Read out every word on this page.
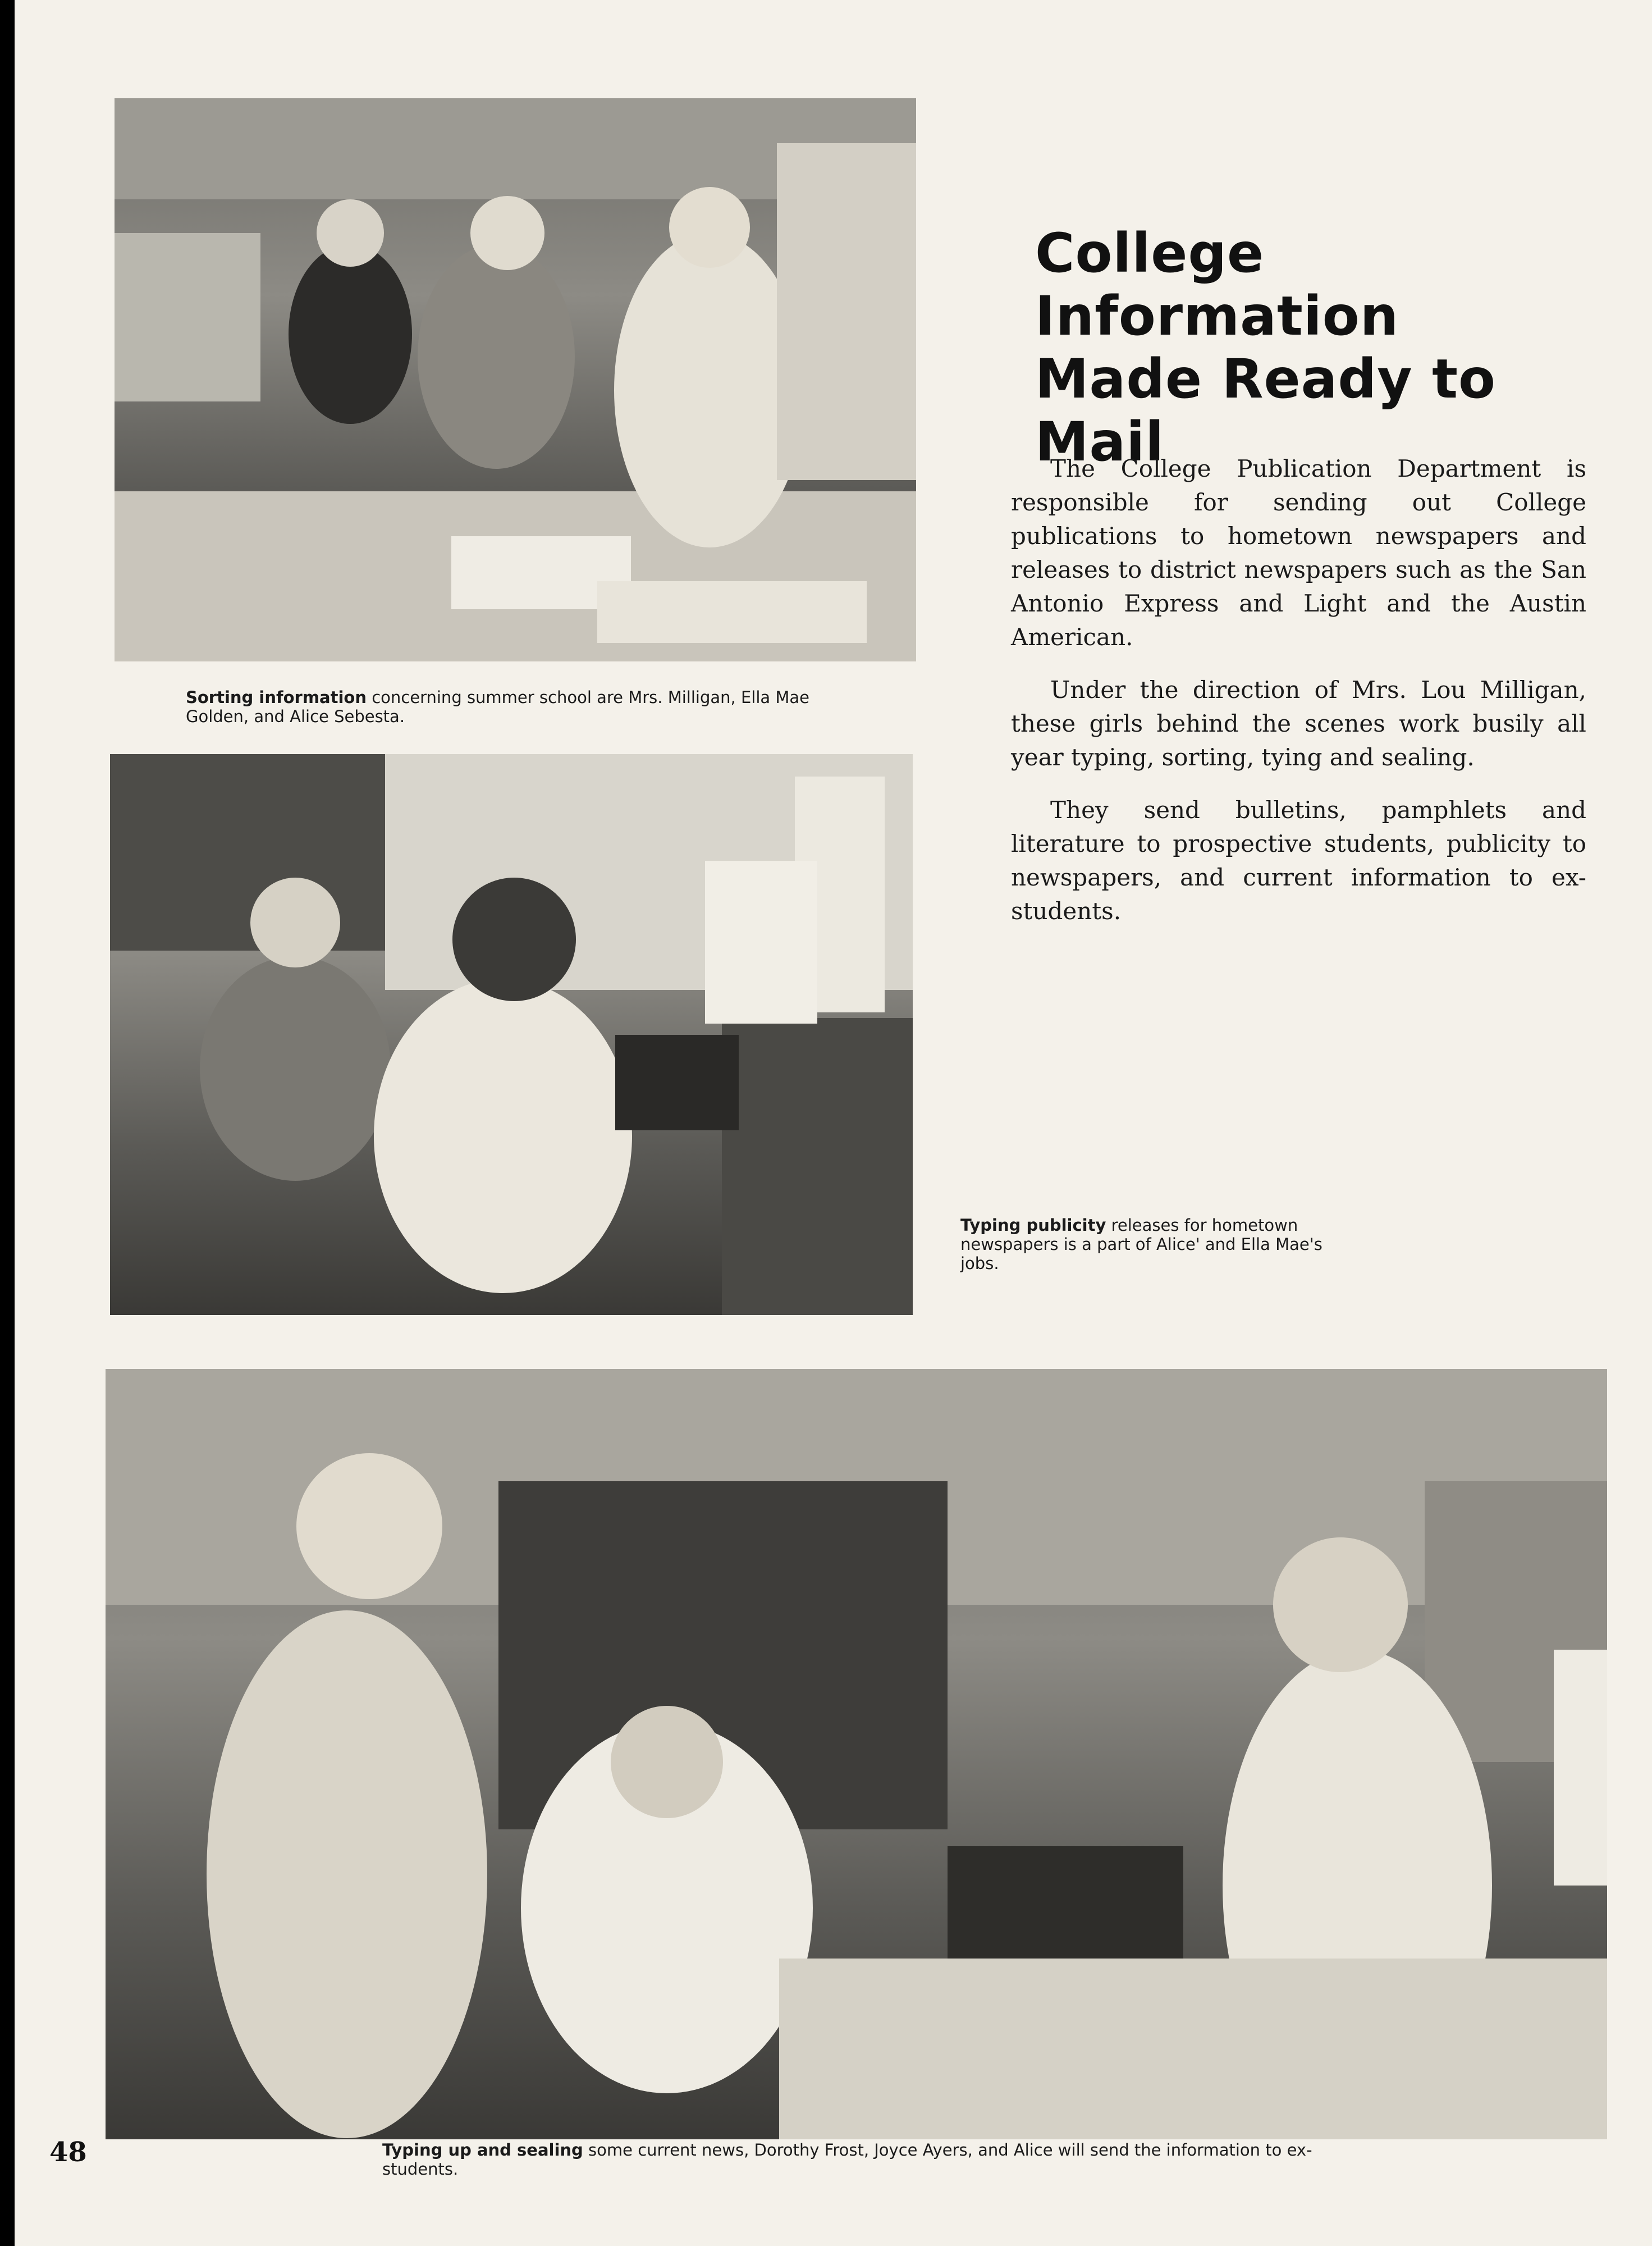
Sorting information concerning summer school are Mrs. Milligan, Ella Mae Golden, and Alice Sebesta.
Typing publicity releases for hometown newspapers is a part of Alice' and Ella Mae's jobs.
Typing up and sealing some current news, Dorothy Frost, Joyce Ayers, and Alice will send the information to ex-students.
College Information
Made Ready to Mail

The College Publication Department is responsible for sending out College publications to hometown newspapers and releases to district newspapers such as the San Antonio Express and Light and the Austin American.

Under the direction of Mrs. Lou Milligan, these girls behind the scenes work busily all year typing, sorting, tying and sealing.

They send bulletins, pamphlets and literature to prospective students, publicity to newspapers, and current information to ex-students.

48
